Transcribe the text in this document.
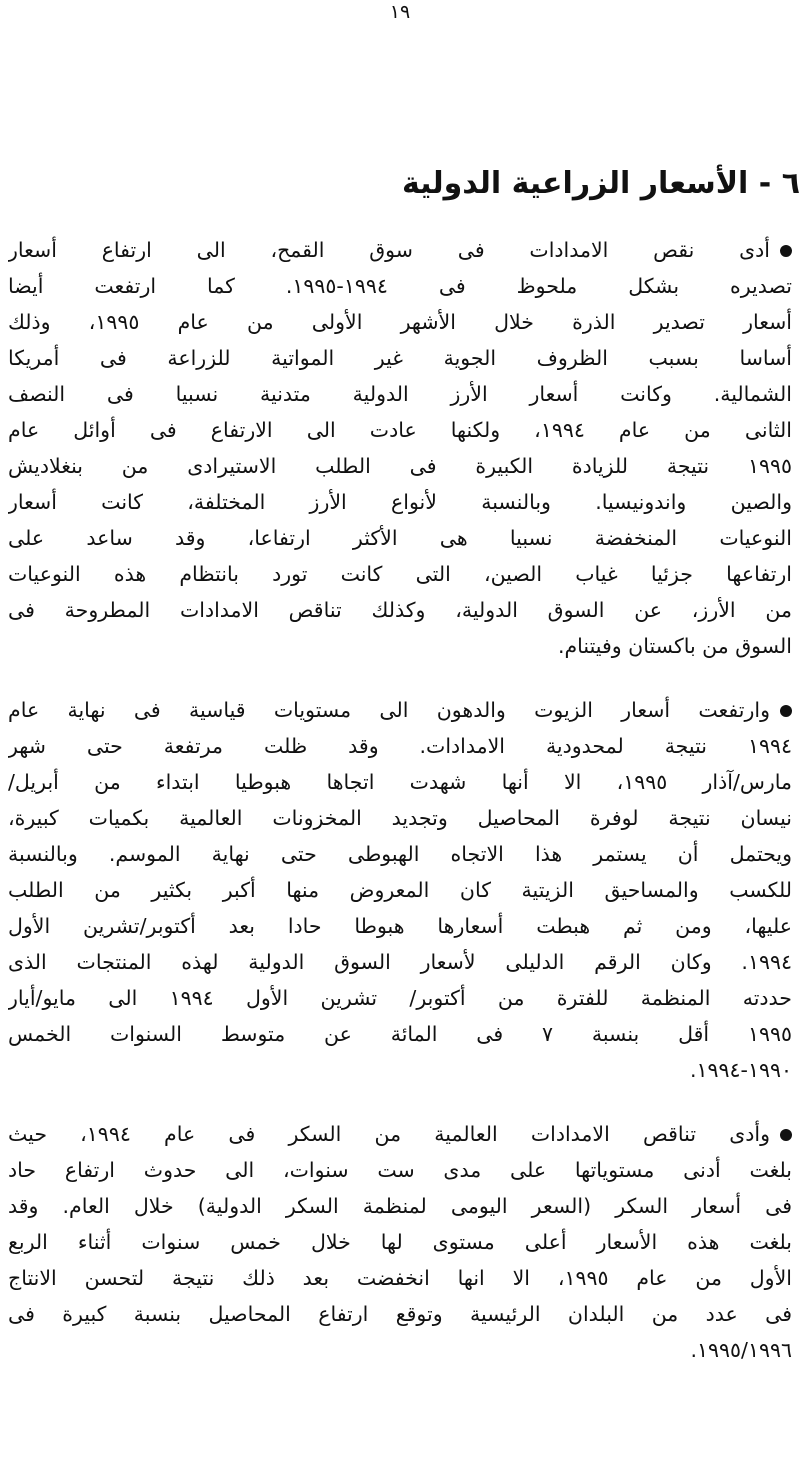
١٩
٦ - الأسعار الزراعية الدولية

أدى نقص الامدادات فى سوق القمح، الى ارتفاع أسعار
تصديره بشكل ملحوظ فى ١٩٩٤-١٩٩٥. كما ارتفعت أيضا
أسعار تصدير الذرة خلال الأشهر الأولى من عام ١٩٩٥، وذلك
أساسا بسبب الظروف الجوية غير المواتية للزراعة فى أمريكا
الشمالية. وكانت أسعار الأرز الدولية متدنية نسبيا فى النصف
الثانى من عام ١٩٩٤، ولكنها عادت الى الارتفاع فى أوائل عام
١٩٩٥ نتيجة للزيادة الكبيرة فى الطلب الاستيرادى من بنغلاديش
والصين واندونيسيا. وبالنسبة لأنواع الأرز المختلفة، كانت أسعار
النوعيات المنخفضة نسبيا هى الأكثر ارتفاعا، وقد ساعد على
ارتفاعها جزئيا غياب الصين، التى كانت تورد بانتظام هذه النوعيات
من الأرز، عن السوق الدولية، وكذلك تناقص الامدادات المطروحة فى
السوق من باكستان وفيتنام.

وارتفعت أسعار الزيوت والدهون الى مستويات قياسية فى نهاية عام
١٩٩٤ نتيجة لمحدودية الامدادات. وقد ظلت مرتفعة حتى شهر
مارس/آذار ١٩٩٥، الا أنها شهدت اتجاها هبوطيا ابتداء من أبريل/
نيسان نتيجة لوفرة المحاصيل وتجديد المخزونات العالمية بكميات كبيرة،
ويحتمل أن يستمر هذا الاتجاه الهبوطى حتى نهاية الموسم. وبالنسبة
للكسب والمساحيق الزيتية كان المعروض منها أكبر بكثير من الطلب
عليها، ومن ثم هبطت أسعارها هبوطا حادا بعد أكتوبر/تشرين الأول
١٩٩٤. وكان الرقم الدليلى لأسعار السوق الدولية لهذه المنتجات الذى
حددته المنظمة للفترة من أكتوبر/ تشرين الأول ١٩٩٤ الى مايو/أيار
١٩٩٥ أقل بنسبة ٧ فى المائة عن متوسط السنوات الخمس
١٩٩٠-١٩٩٤.

وأدى تناقص الامدادات العالمية من السكر فى عام ١٩٩٤، حيث
بلغت أدنى مستوياتها على مدى ست سنوات، الى حدوث ارتفاع حاد
فى أسعار السكر (السعر اليومى لمنظمة السكر الدولية) خلال العام. وقد
بلغت هذه الأسعار أعلى مستوى لها خلال خمس سنوات أثناء الربع
الأول من عام ١٩٩٥، الا انها انخفضت بعد ذلك نتيجة لتحسن الانتاج
فى عدد من البلدان الرئيسية وتوقع ارتفاع المحاصيل بنسبة كبيرة فى
١٩٩٥/١٩٩٦.
